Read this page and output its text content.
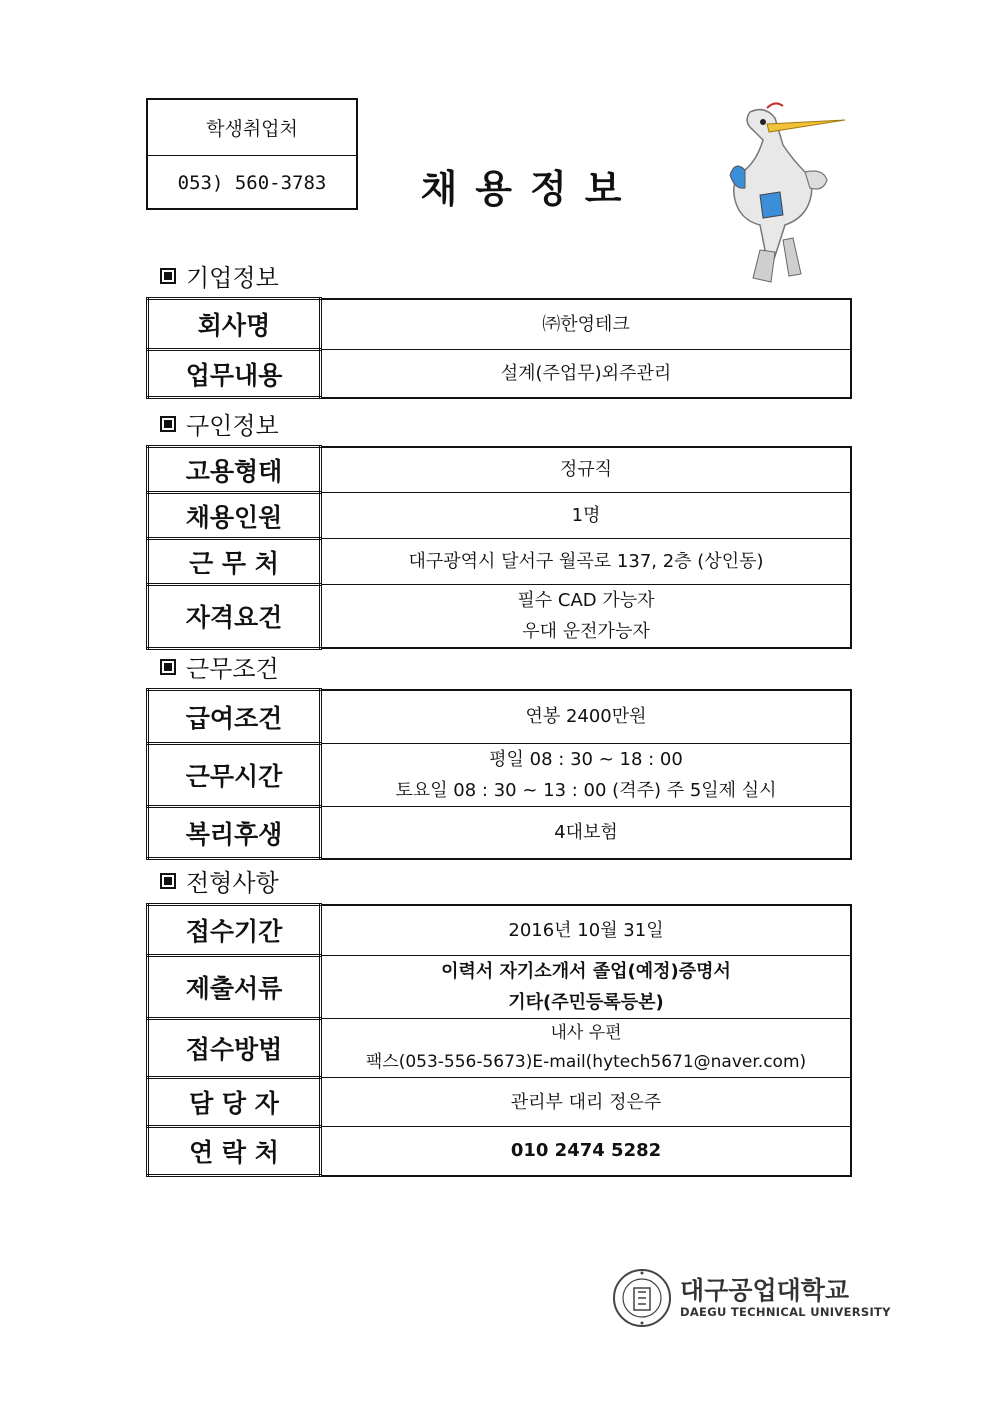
학생취업처
053) 560-3783	채용정보
기업정보
회사명	㈜한영테크

업무내용	설계(주업무)외주관리
구인정보
고용형태	정규직

채용인원	1명

근 무 처	대구광역시 달서구 월곡로 137, 2층 (상인동)

자격요건	필수 CAD 가능자
우대 운전가능자
근무조건
급여조건	연봉 2400만원

근무시간	평일 08 : 30 ~ 18 : 00
토요일 08 : 30 ~ 13 : 00 (격주) 주 5일제 실시

복리후생	4대보험
전형사항
접수기간	2016년 10월 31일

제출서류	이력서 자기소개서 졸업(예정)증명서
기타(주민등록등본)

접수방법	내사 우편
팩스(053-556-5673)E-mail(hytech5671@naver.com)

담 당 자	관리부 대리 정은주

연 락 처	010 2474 5282
대구공업대학교
DAEGU TECHNICAL UNIVERSITY
